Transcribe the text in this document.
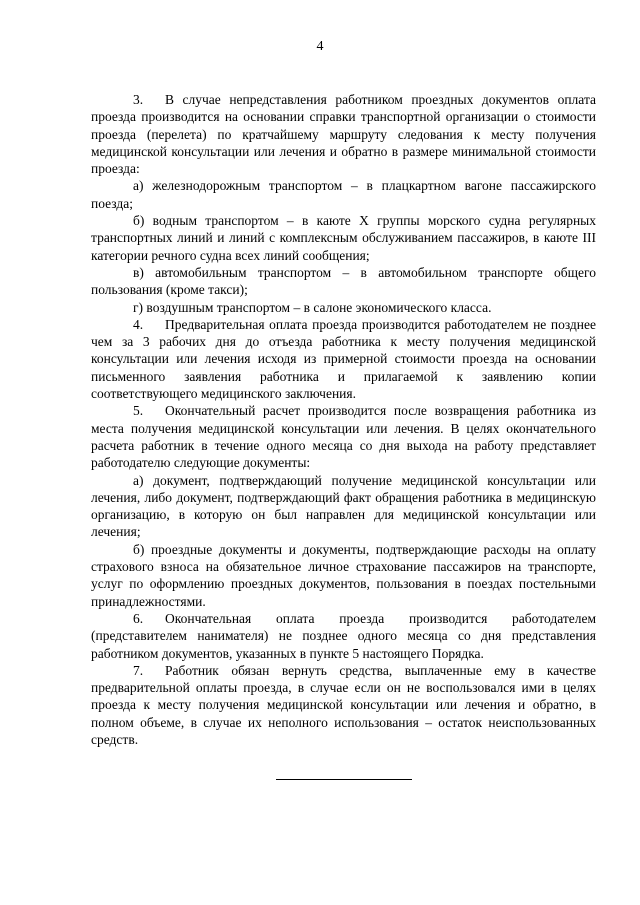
4

3. В случае непредставления работником проездных документов оплата проезда производится на основании справки транспортной организации о стоимости проезда (перелета) по кратчайшему маршруту следования к месту получения медицинской консультации или лечения и обратно в размере минимальной стоимости проезда:

а) железнодорожным транспортом – в плацкартном вагоне пассажирского поезда;

б) водным транспортом – в каюте X группы морского судна регулярных транспортных линий и линий с комплексным обслуживанием пассажиров, в каюте III категории речного судна всех линий сообщения;

в) автомобильным транспортом – в автомобильном транспорте общего пользования (кроме такси);

г) воздушным транспортом – в салоне экономического класса.

4. Предварительная оплата проезда производится работодателем не позднее чем за 3 рабочих дня до отъезда работника к месту получения медицинской консультации или лечения исходя из примерной стоимости проезда на основании письменного заявления работника и прилагаемой к заявлению копии соответствующего медицинского заключения.

5. Окончательный расчет производится после возвращения работника из места получения медицинской консультации или лечения. В целях окончательного расчета работник в течение одного месяца со дня выхода на работу представляет работодателю следующие документы:

а) документ, подтверждающий получение медицинской консультации или лечения, либо документ, подтверждающий факт обращения работника в медицинскую организацию, в которую он был направлен для медицинской консультации или лечения;

б) проездные документы и документы, подтверждающие расходы на оплату страхового взноса на обязательное личное страхование пассажиров на транспорте, услуг по оформлению проездных документов, пользования в поездах постельными принадлежностями.

6. Окончательная оплата проезда производится работодателем (представителем нанимателя) не позднее одного месяца со дня представления работником документов, указанных в пункте 5 настоящего Порядка.

7. Работник обязан вернуть средства, выплаченные ему в качестве предварительной оплаты проезда, в случае если он не воспользовался ими в целях проезда к месту получения медицинской консультации или лечения и обратно, в полном объеме, в случае их неполного использования – остаток неиспользованных средств.
